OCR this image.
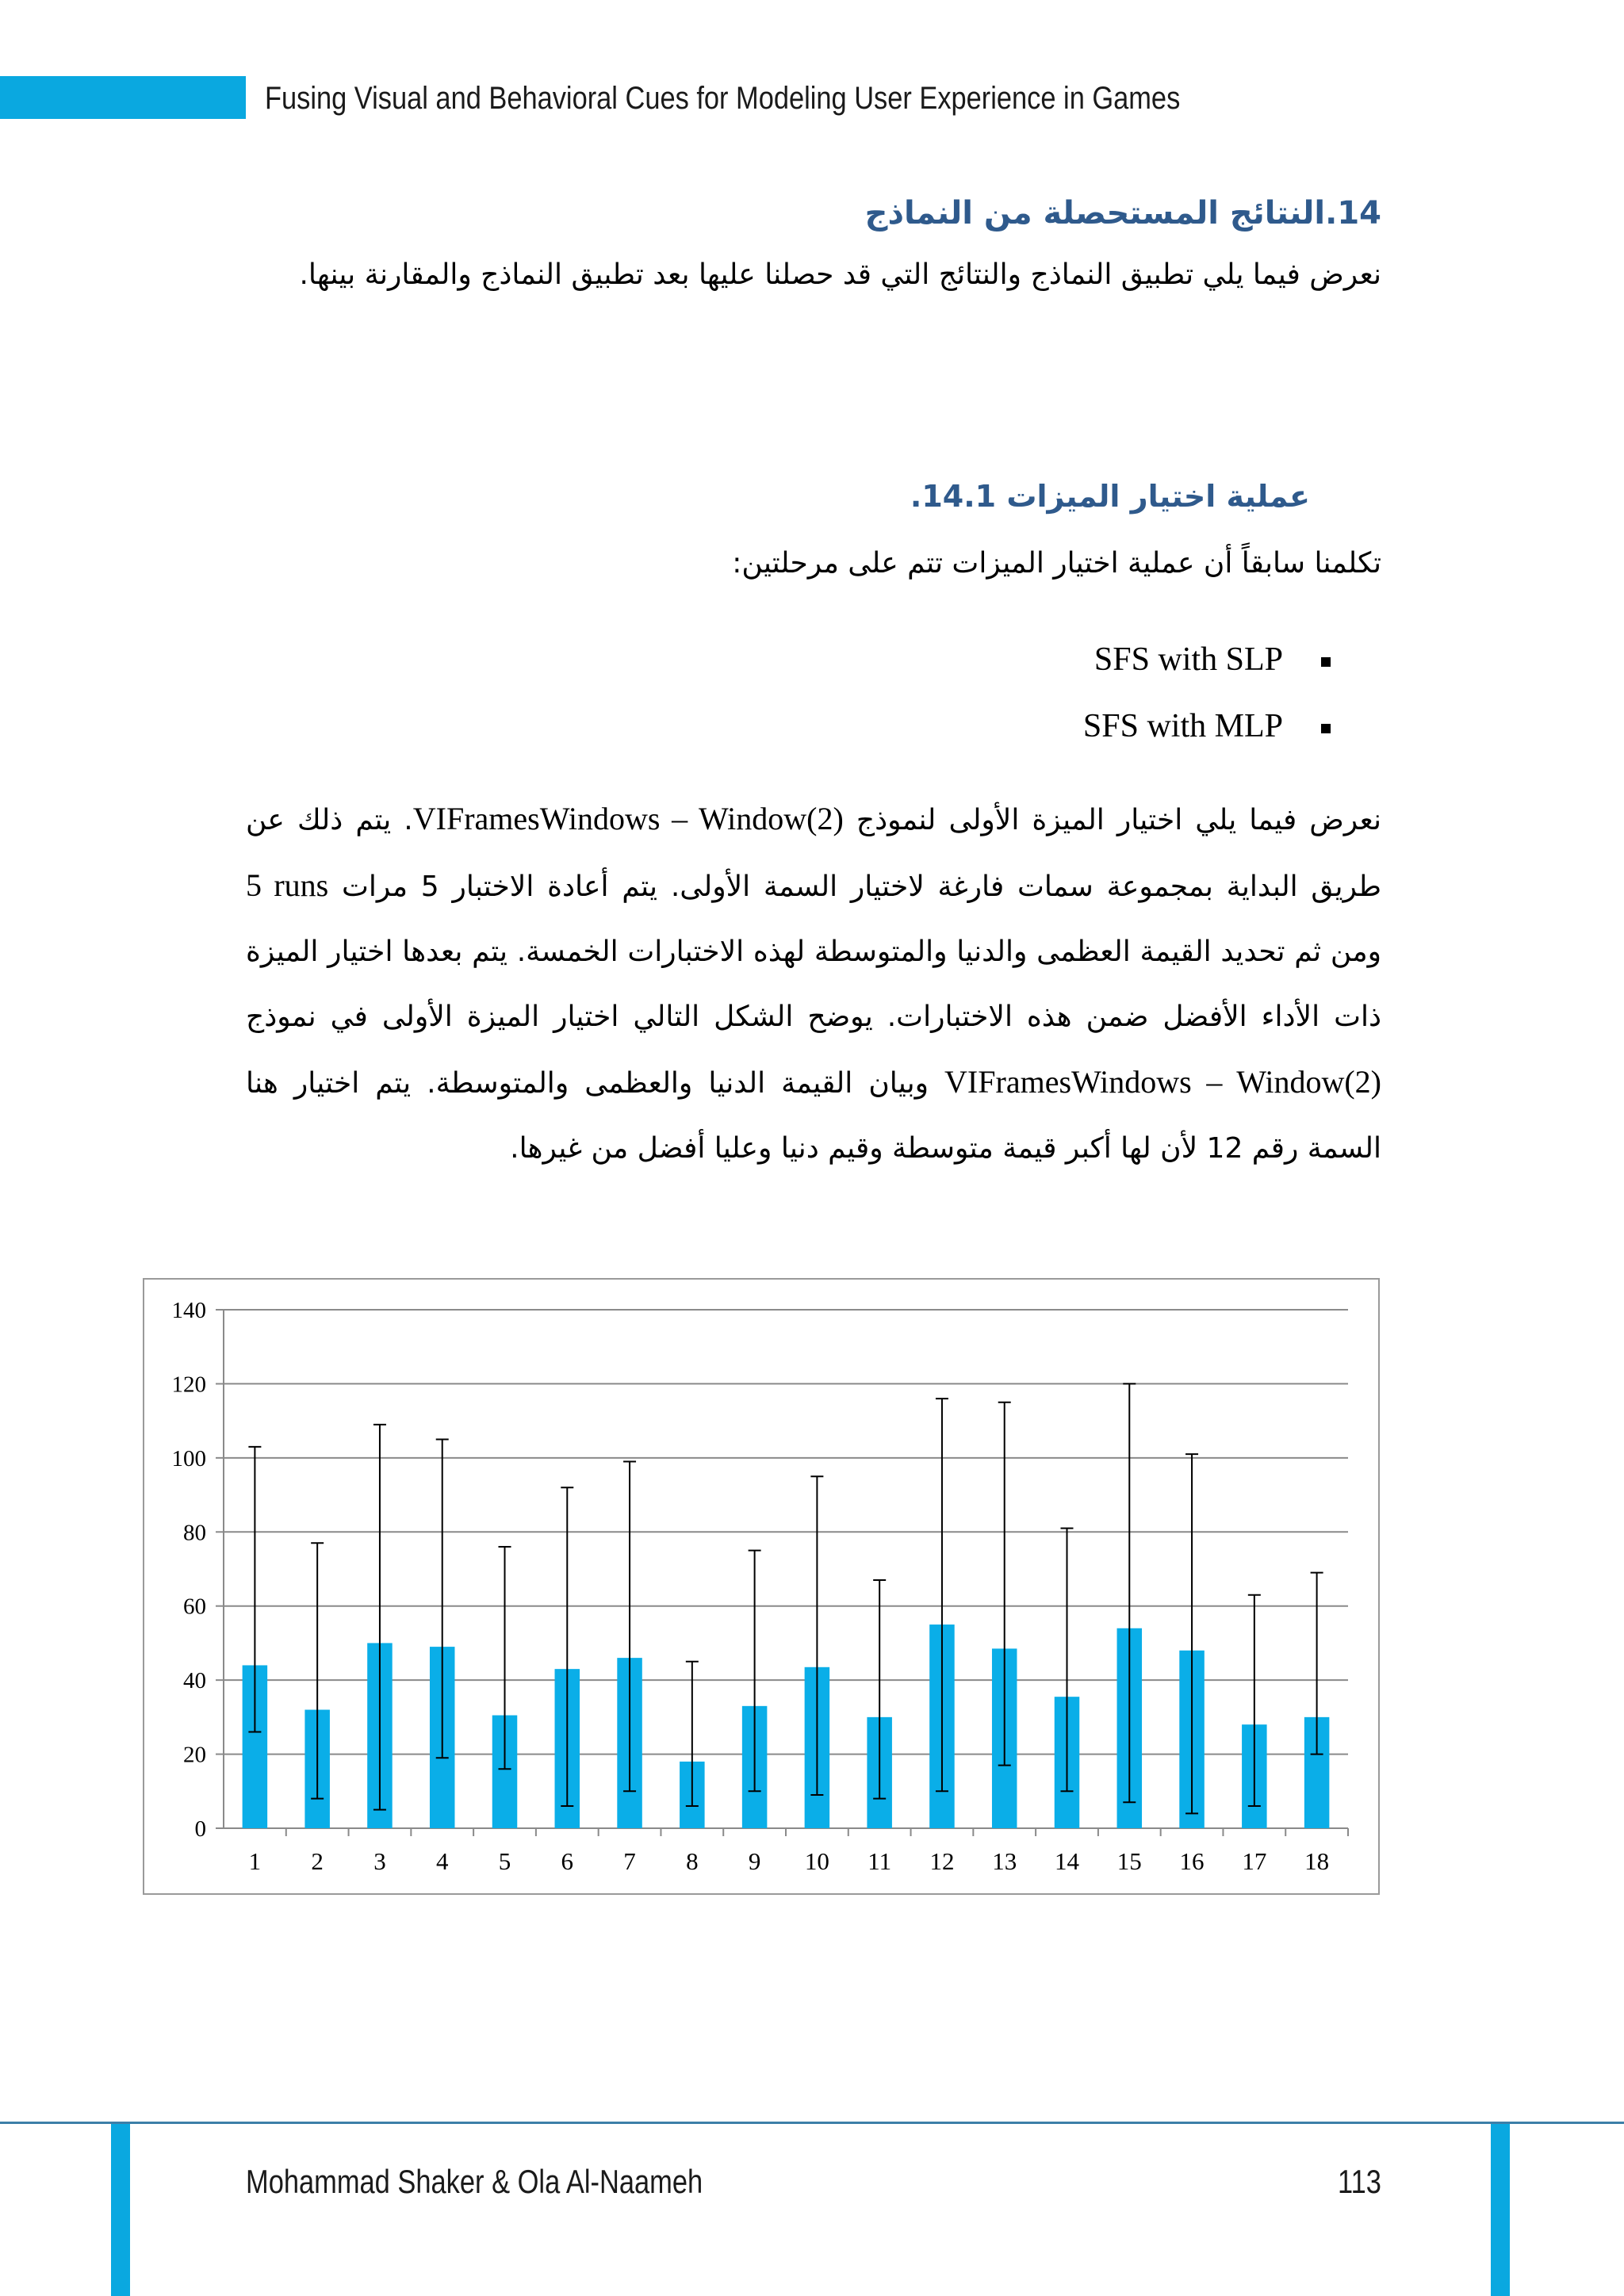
Fusing Visual and Behavioral Cues for Modeling User Experience in Games
14.النتائج المستحصلة من النماذج
نعرض فيما يلي تطبيق النماذج والنتائج التي قد حصلنا عليها بعد تطبيق النماذج والمقارنة بينها.
عملية اختيار الميزات .14.1
تكلمنا سابقاً أن عملية اختيار الميزات تتم على مرحلتين:
SFS with SLP
SFS with MLP
نعرض فيما يلي اختيار الميزة الأولى لنموذج VIFramesWindows – Window(2). يتم ذلك عن طريق البداية بمجموعة سمات فارغة لاختيار السمة الأولى. يتم أعادة الاختبار 5 مرات 5 runs ومن ثم تحديد القيمة العظمى والدنيا والمتوسطة لهذه الاختبارات الخمسة. يتم بعدها اختيار الميزة ذات الأداء الأفضل ضمن هذه الاختبارات. يوضح الشكل التالي اختيار الميزة الأولى في نموذج VIFramesWindows – Window(2) وبيان القيمة الدنيا والعظمى والمتوسطة. يتم اختيار هنا السمة رقم 12 لأن لها أكبر قيمة متوسطة وقيم دنيا وعليا أفضل من غيرها.
0
20
40
60
80
100
120
140
1 2 3 4 5 6 7 8 9 10 11 12 13 14 15 16 17 18
Mohammad Shaker & Ola Al-Naameh	113
